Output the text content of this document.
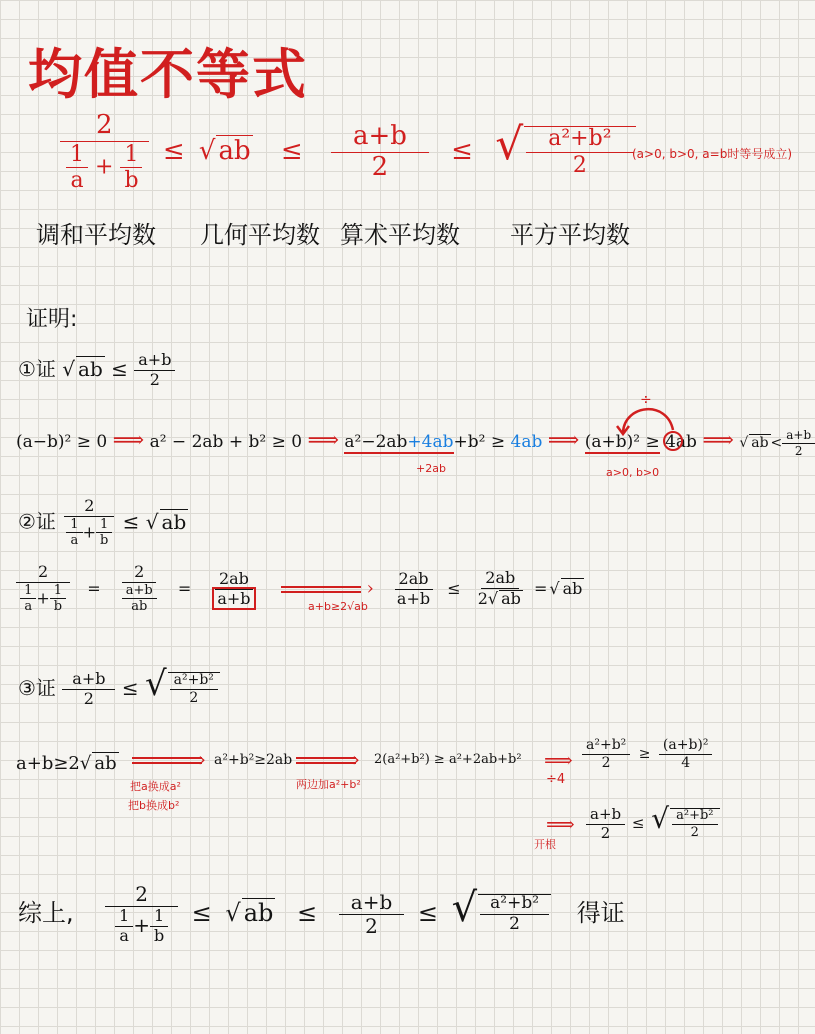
均值不等式
$\frac{2}{\frac{1}{a} + \frac{1}{b}}$ ≤ √ ab ≤ $\frac{a+b}{2}$ ≤ √ $\frac{\text{a²+b²}}{2}$
(a>0, b>0, a=b时等号成立)
调和平均数 几何平均数 算术平均数 平方平均数
证明:
①证 √ ab ≤ $\frac{a+b}{2}$
(a−b)² ≥ 0 ⟹ a² − 2ab + b² ≥ 0 ⟹ a²−2ab+4ab+b² ≥ 4ab ⟹ (a+b)² ≥ 4ab ⟹ √ ab < $\frac{a+b}{2}$
+2ab	a>0, b>0
÷
②证 $\frac{2}{\frac{1}{a} + \frac{1}{b}}$ ≤ √ ab
$\frac{2}{\frac{1}{a} + \frac{1}{b}} = \frac{2}{\frac{a+b}{ab}} = \frac{2ab}{a+b}$	› $\frac{2ab}{a+b} \le \frac{2ab}{2√ ab}$ = √ ab
a+b≥2√ab
③证 $\frac{a+b}{2}$ ≤ √ $\frac{\text{a²+b²}}{2}$
a+b≥2√ ab	›
把a换成a²
把b换成b²
a²+b²≥2ab	›
两边加a²+b²
2(a²+b²) ≥ a²+2ab+b² ⟹
÷4
$\frac{\text{a²+b²}}{2} \ge \frac{\text{(a+b)²}}{4}$
⟹
开根
$\frac{a+b}{2}$ ≤ √ $\frac{\text{a²+b²}}{2}$
综上, $\frac{2}{\frac{1}{a} + \frac{1}{b}}$ ≤ √ ab ≤ $\frac{a+b}{2}$ ≤ √ $\frac{\text{a²+b²}}{2}$ 得证
